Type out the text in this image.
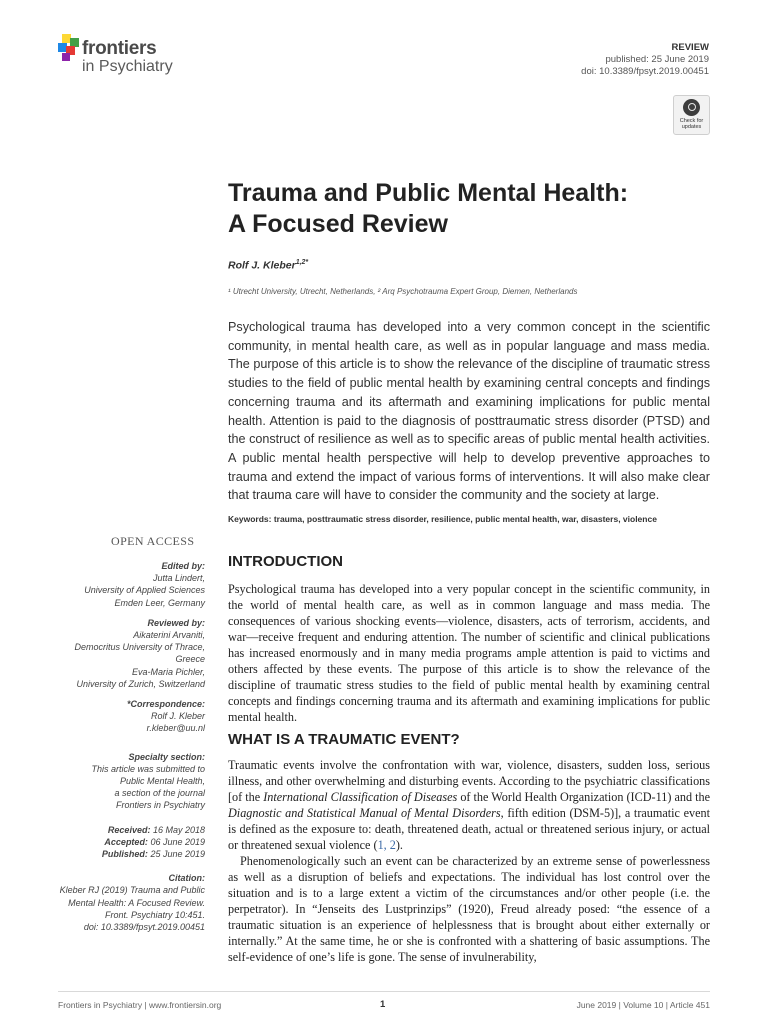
frontiers
in Psychiatry
REVIEW
published: 25 June 2019
doi: 10.3389/fpsyt.2019.00451
Check for
updates
Trauma and Public Mental Health:
A Focused Review
Rolf J. Kleber$^{1,2*}$
¹ Utrecht University, Utrecht, Netherlands, ² Arq Psychotrauma Expert Group, Diemen, Netherlands
Psychological trauma has developed into a very common concept in the scientific community, in mental health care, as well as in popular language and mass media. The purpose of this article is to show the relevance of the discipline of traumatic stress studies to the field of public mental health by examining central concepts and findings concerning trauma and its aftermath and examining implications for public mental health. Attention is paid to the diagnosis of posttraumatic stress disorder (PTSD) and the construct of resilience as well as to specific areas of public mental health activities. A public mental health perspective will help to develop preventive approaches to trauma and extend the impact of various forms of interventions. It will also make clear that trauma care will have to consider the community and the society at large.
Keywords: trauma, posttraumatic stress disorder, resilience, public mental health, war, disasters, violence
OPEN ACCESS
Edited by:
Jutta Lindert,
University of Applied Sciences
Emden Leer, Germany
Reviewed by:
Aikaterini Arvaniti,
Democritus University of Thrace,
Greece
Eva-Maria Pichler,
University of Zurich, Switzerland
*Correspondence:
Rolf J. Kleber
r.kleber@uu.nl
Specialty section:
This article was submitted to
Public Mental Health,
a section of the journal
Frontiers in Psychiatry
Received: 16 May 2018
Accepted: 06 June 2019
Published: 25 June 2019
Citation:
Kleber RJ (2019) Trauma and Public
Mental Health: A Focused Review.
Front. Psychiatry 10:451.
doi: 10.3389/fpsyt.2019.00451
INTRODUCTION
Psychological trauma has developed into a very popular concept in the scientific community, in the world of mental health care, as well as in common language and mass media. The consequences of various shocking events—violence, disasters, acts of terrorism, accidents, and war—receive frequent and enduring attention. The number of scientific and clinical publications has increased enormously and in many media programs ample attention is paid to victims and others affected by these events. The purpose of this article is to show the relevance of the discipline of traumatic stress studies to the field of public mental health by examining central concepts and findings concerning trauma and its aftermath and examining implications for public mental health.
WHAT IS A TRAUMATIC EVENT?
Traumatic events involve the confrontation with war, violence, disasters, sudden loss, serious illness, and other overwhelming and disturbing events. According to the psychiatric classifications [of the International Classification of Diseases of the World Health Organization (ICD-11) and the Diagnostic and Statistical Manual of Mental Disorders, fifth edition (DSM-5)], a traumatic event is defined as the exposure to: death, threatened death, actual or threatened serious injury, or actual or threatened sexual violence (1, 2).
Phenomenologically such an event can be characterized by an extreme sense of powerlessness as well as a disruption of beliefs and expectations. The individual has lost control over the situation and is to a large extent a victim of the circumstances and/or other people (i.e. the perpetrator). In “Jenseits des Lustprinzips” (1920), Freud already posed: “the essence of a traumatic situation is an experience of helplessness that is brought about either externally or internally.” At the same time, he or she is confronted with a shattering of basic assumptions. The self-evidence of one’s life is gone. The sense of invulnerability,
Frontiers in Psychiatry | www.frontiersin.org	1	June 2019 | Volume 10 | Article 451
